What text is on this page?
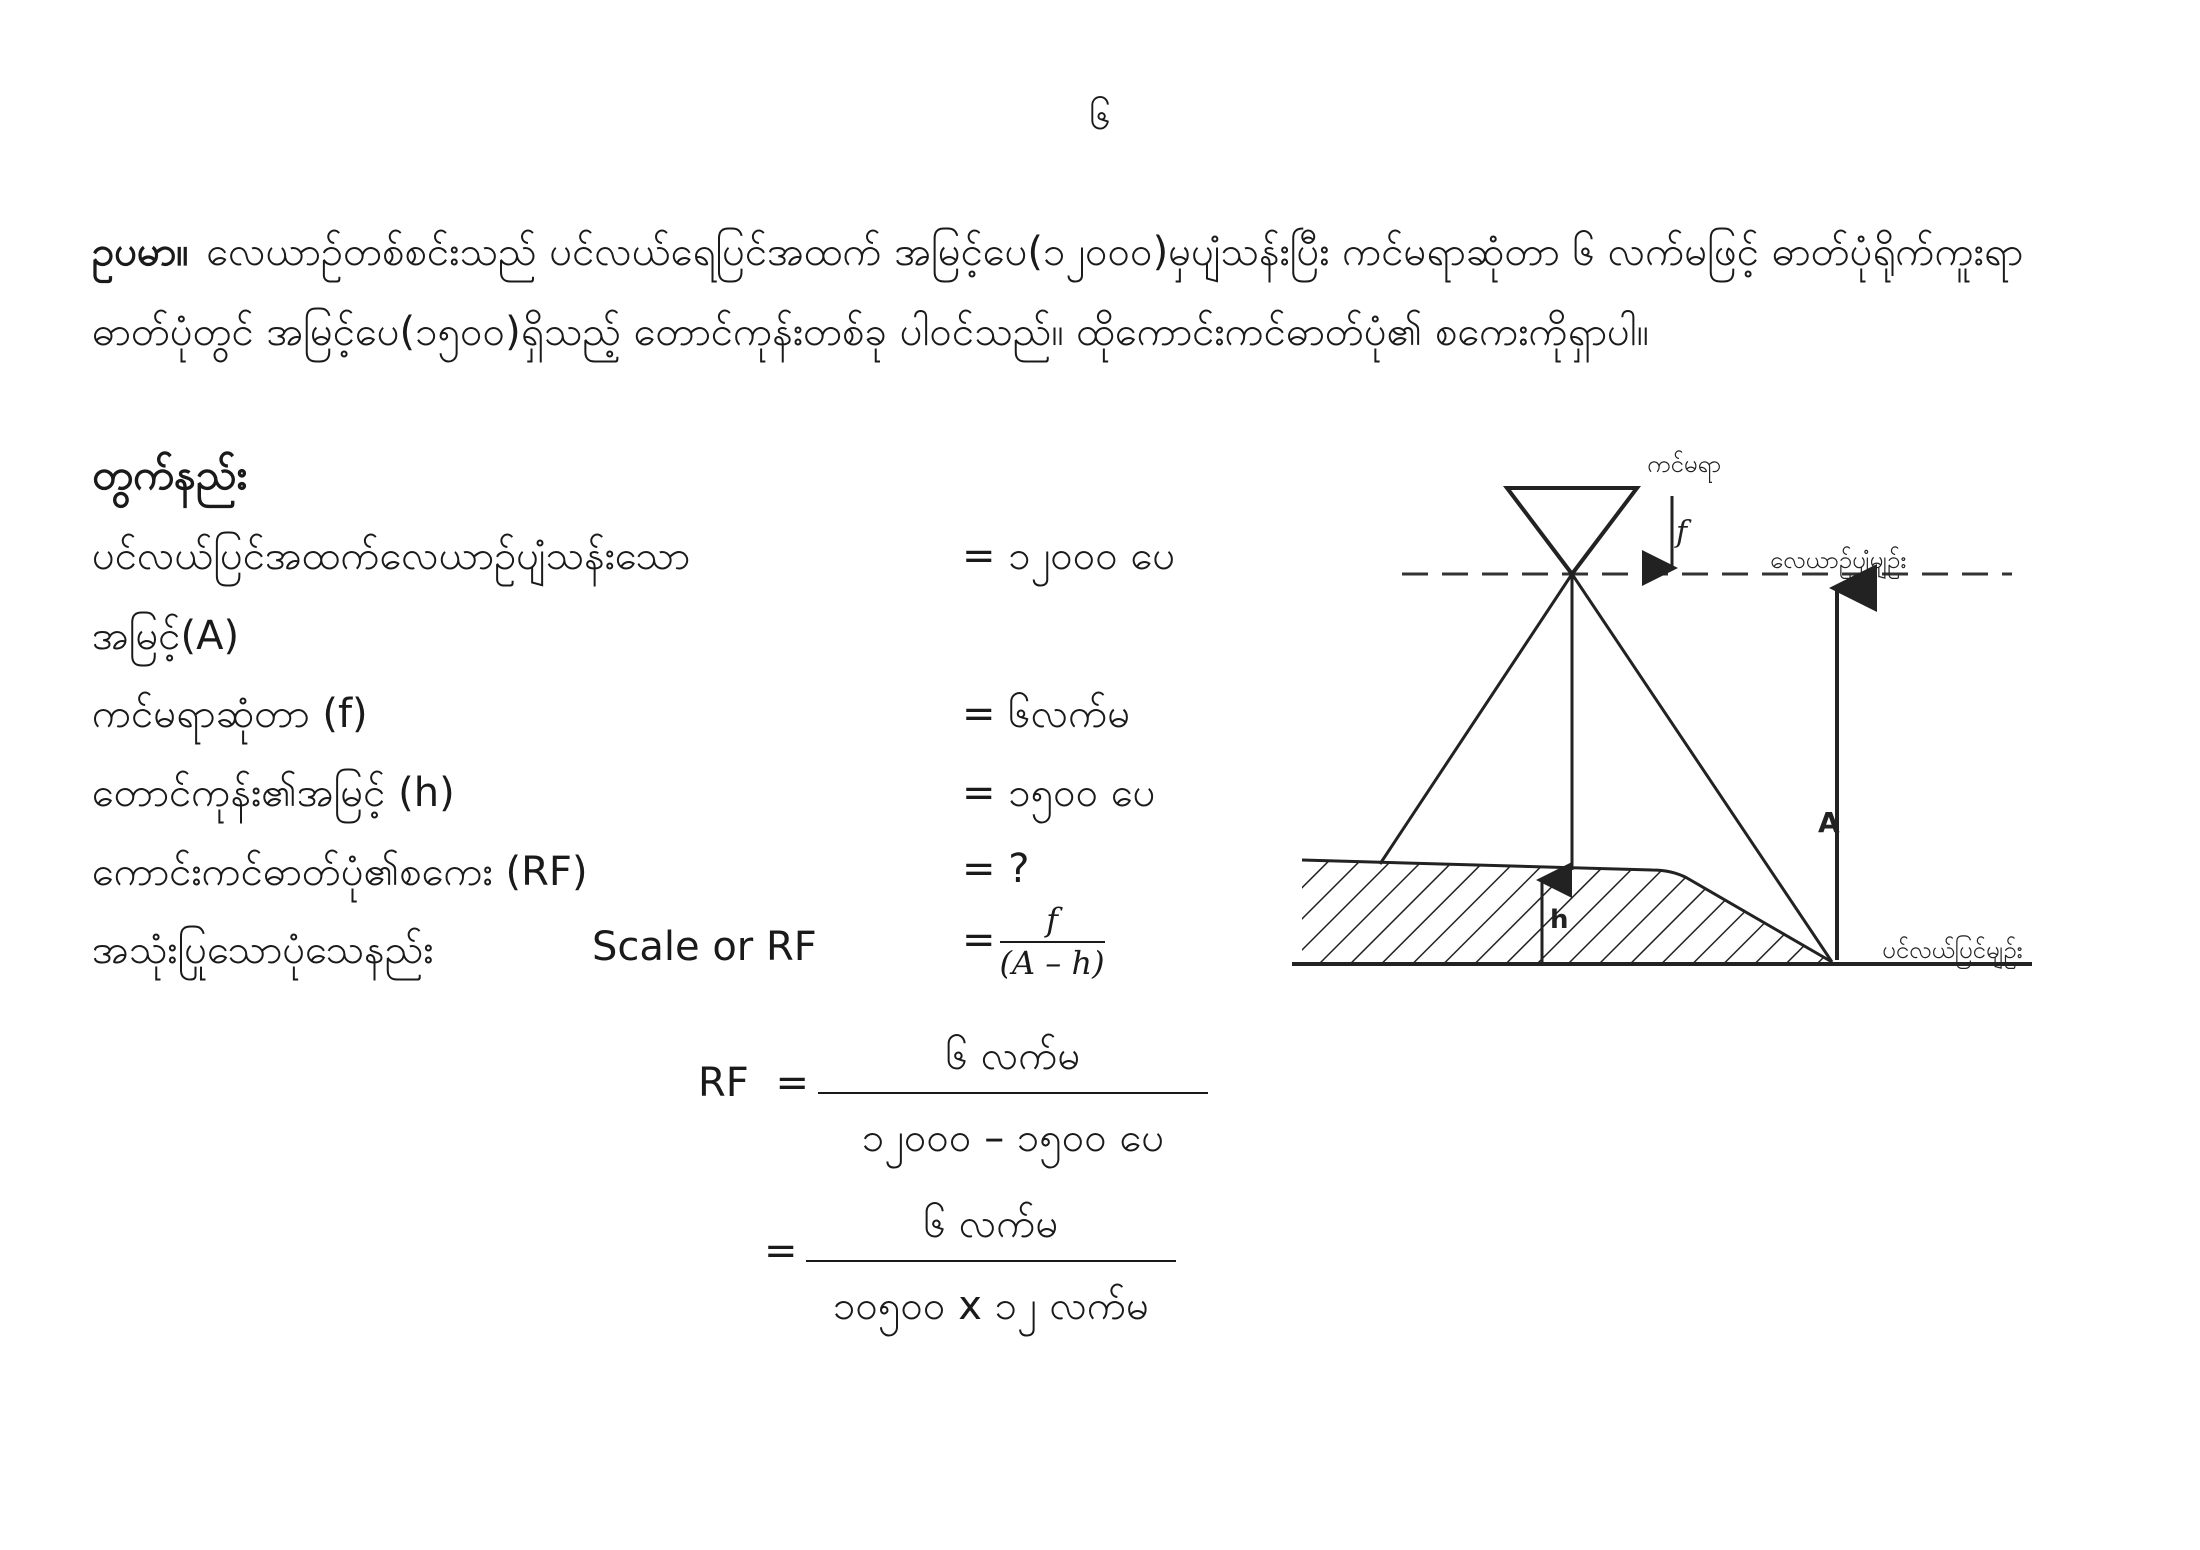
၆
ဥပမာ။ လေယာဉ်တစ်စင်းသည် ပင်လယ်ရေပြင်အထက် အမြင့်ပေ(၁၂၀၀၀)မှပျံသန်းပြီး ကင်မရာဆုံတာ ၆ လက်မဖြင့် ဓာတ်ပုံရိုက်ကူးရာ ဓာတ်ပုံတွင် အမြင့်ပေ(၁၅၀၀)ရှိသည့် တောင်ကုန်းတစ်ခု ပါဝင်သည်။ ထိုကောင်းကင်ဓာတ်ပုံ၏ စကေးကိုရှာပါ။
တွက်နည်း
ပင်လယ်ပြင်အထက်လေယာဉ်ပျံသန်းသော	= ၁၂၀၀၀ ပေ
အမြင့်(A)
ကင်မရာဆုံတာ (f)	= ၆လက်မ
တောင်ကုန်း၏အမြင့် (h)	= ၁၅၀၀ ပေ
ကောင်းကင်ဓာတ်ပုံ၏စကေး (RF)	= ?
အသုံးပြုသောပုံသေနည်း	Scale or RF	= $\frac{f}{(A - h)}$
RF =
၆ လက်မ
၁၂၀၀၀ – ၁၅၀၀ ပေ
=
၆ လက်မ
၁၀၅၀၀ x ၁၂ လက်မ
f
A
h
ကင်မရာ
လေယာဉ်ပျံမျဉ်း
ပင်လယ်ပြင်မျဉ်း
